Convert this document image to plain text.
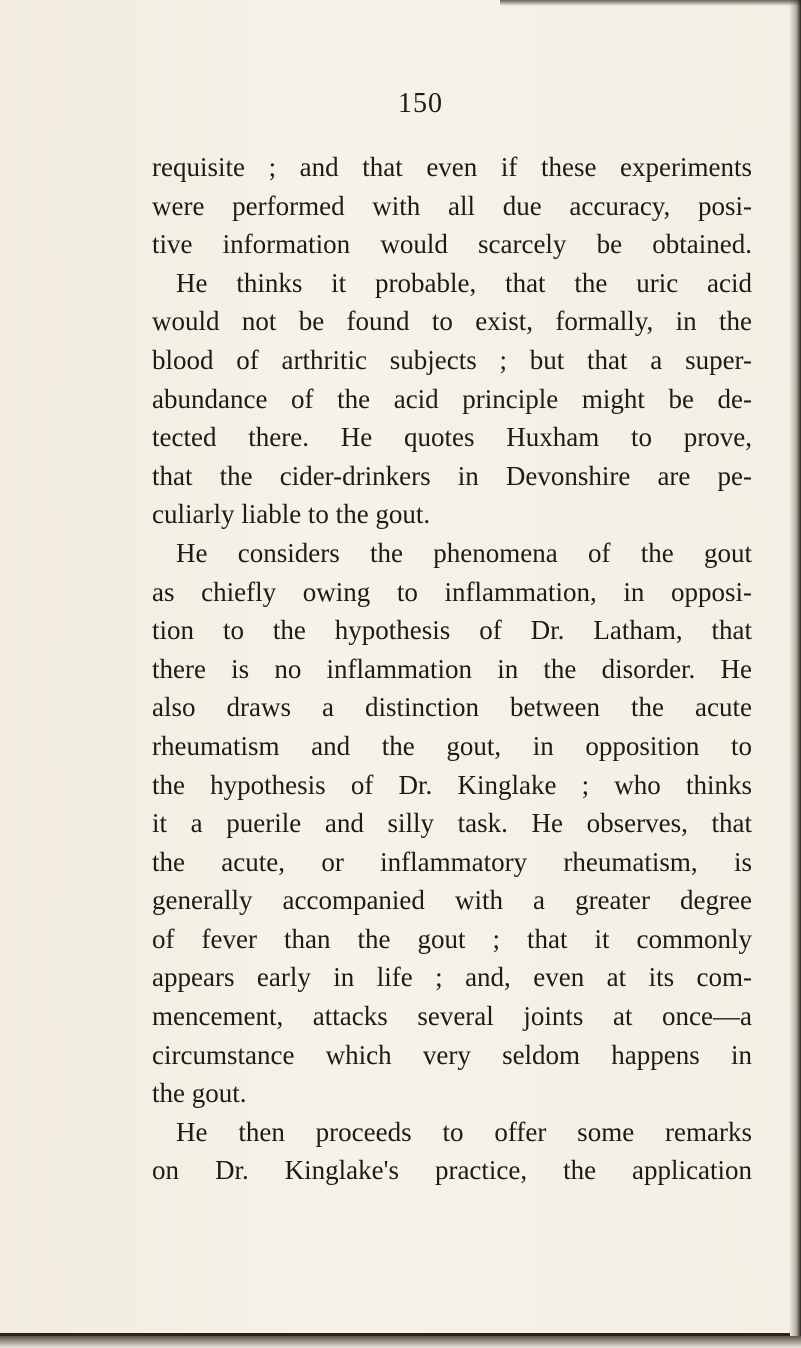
150
requisite ; and that even if these experiments
were performed with all due accuracy, posi-
tive information would scarcely be obtained.
He thinks it probable, that the uric acid
would not be found to exist, formally, in the
blood of arthritic subjects ; but that a super-
abundance of the acid principle might be de-
tected there. He quotes Huxham to prove,
that the cider-drinkers in Devonshire are pe-
culiarly liable to the gout.
He considers the phenomena of the gout
as chiefly owing to inflammation, in opposi-
tion to the hypothesis of Dr. Latham, that
there is no inflammation in the disorder. He
also draws a distinction between the acute
rheumatism and the gout, in opposition to
the hypothesis of Dr. Kinglake ; who thinks
it a puerile and silly task. He observes, that
the acute, or inflammatory rheumatism, is
generally accompanied with a greater degree
of fever than the gout ; that it commonly
appears early in life ; and, even at its com-
mencement, attacks several joints at once—a
circumstance which very seldom happens in
the gout.
He then proceeds to offer some remarks
on Dr. Kinglake's practice, the application
